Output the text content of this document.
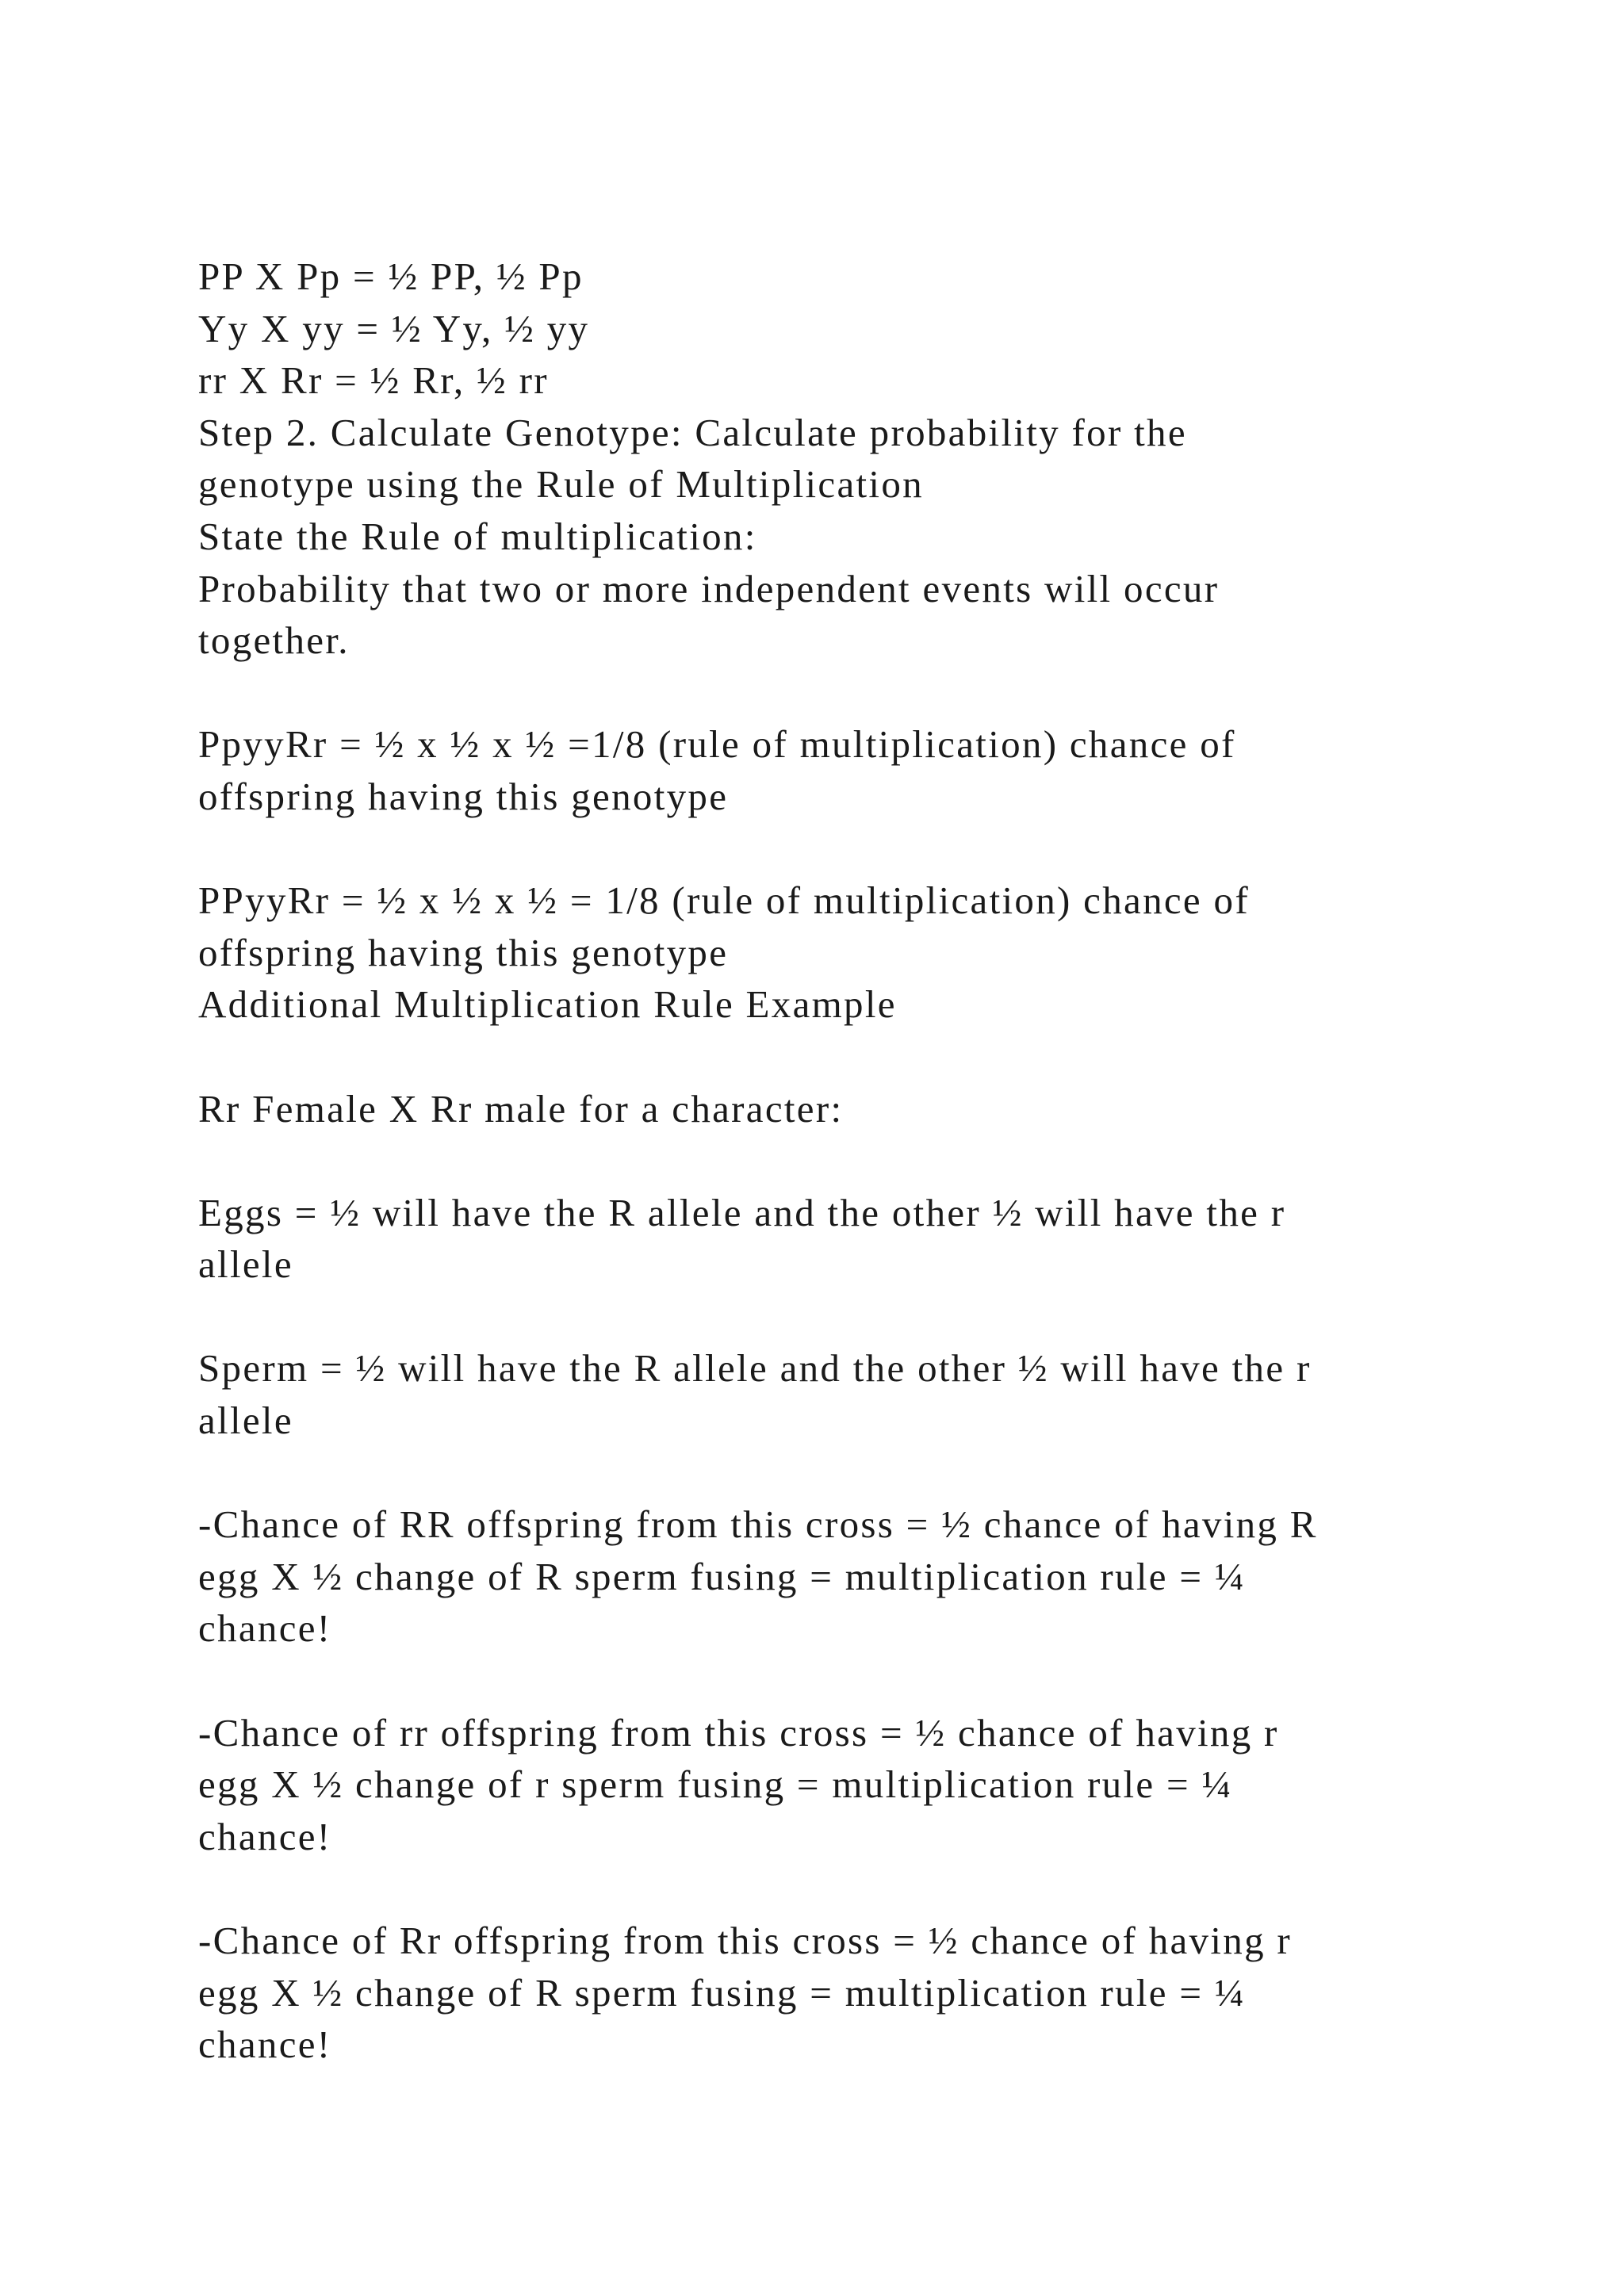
PP X Pp = ½ PP, ½ Pp
Yy X yy = ½ Yy, ½ yy
rr X Rr = ½ Rr, ½ rr
Step 2. Calculate Genotype: Calculate probability for the
genotype using the Rule of Multiplication
State the Rule of multiplication:
Probability that two or more independent events will occur
together.
PpyyRr = ½ x ½ x ½ =1/8 (rule of multiplication) chance of
offspring having this genotype
PPyyRr = ½ x ½ x ½ = 1/8 (rule of multiplication) chance of
offspring having this genotype
Additional Multiplication Rule Example
Rr Female X Rr male for a character:
Eggs = ½ will have the R allele and the other ½ will have the r
allele
Sperm = ½ will have the R allele and the other ½ will have the r
allele
-Chance of RR offspring from this cross = ½ chance of having R
egg X ½ change of R sperm fusing = multiplication rule = ¼
chance!
-Chance of rr offspring from this cross = ½ chance of having r
egg X ½ change of r sperm fusing = multiplication rule = ¼
chance!
-Chance of Rr offspring from this cross = ½ chance of having r
egg X ½ change of R sperm fusing = multiplication rule = ¼
chance!
